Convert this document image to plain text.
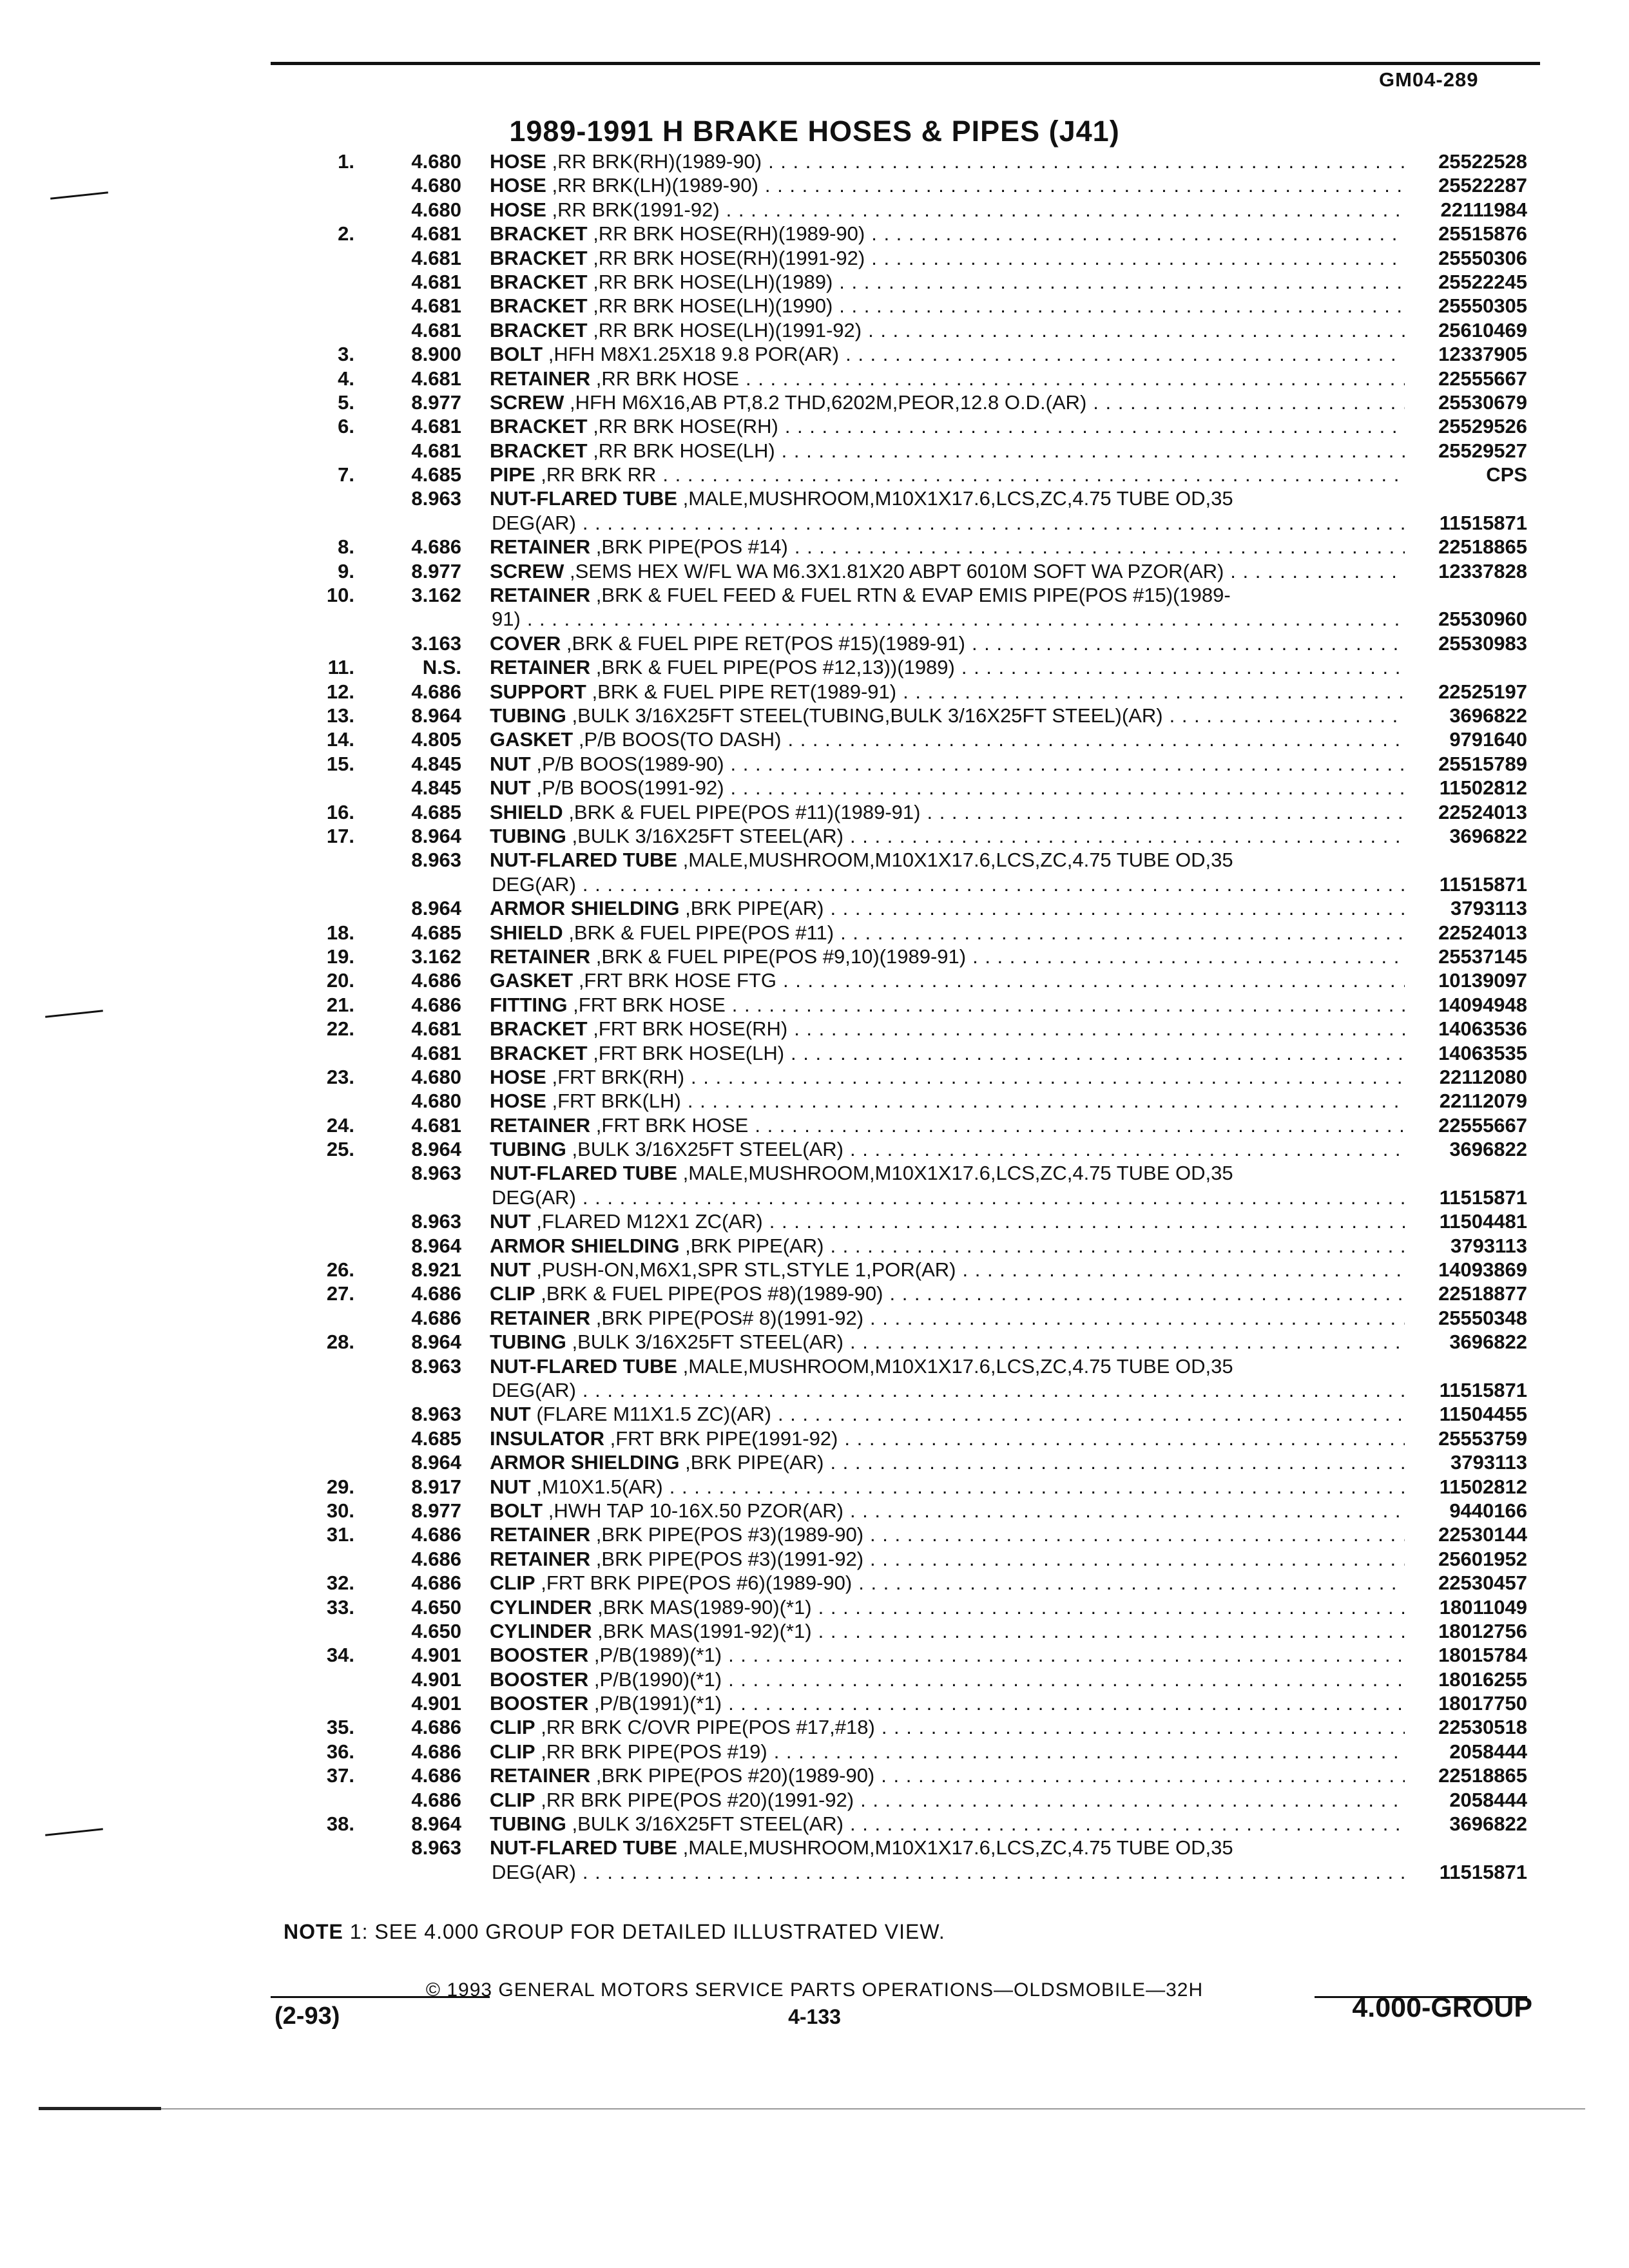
GM04-289
1989-1991 H BRAKE HOSES & PIPES (J41)
1.	4.680 HOSE ,RR BRK(RH)(1989-90) . . .	25522528
4.680 HOSE ,RR BRK(LH)(1989-90) . . .	25522287
4.680 HOSE ,RR BRK(1991-92) . . .	22111984
2.	4.681 BRACKET ,RR BRK HOSE(RH)(1989-90) . . .	25515876
4.681 BRACKET ,RR BRK HOSE(RH)(1991-92) . . .	25550306
4.681 BRACKET ,RR BRK HOSE(LH)(1989) . . .	25522245
4.681 BRACKET ,RR BRK HOSE(LH)(1990) . . .	25550305
4.681 BRACKET ,RR BRK HOSE(LH)(1991-92) . . .	25610469
3.	8.900 BOLT ,HFH M8X1.25X18 9.8 POR(AR) . . .	12337905
4.	4.681 RETAINER ,RR BRK HOSE . . .	22555667
5.	8.977 SCREW ,HFH M6X16,AB PT,8.2 THD,6202M,PEOR,12.8 O.D.(AR) . . .	25530679
6.	4.681 BRACKET ,RR BRK HOSE(RH) . . .	25529526
4.681 BRACKET ,RR BRK HOSE(LH) . . .	25529527
7.	4.685 PIPE ,RR BRK RR . . .	CPS
8.963 NUT-FLARED TUBE ,MALE,MUSHROOM,M10X1X17.6,LCS,ZC,4.75 TUBE OD,35
DEG(AR) . . .	11515871
8.	4.686 RETAINER ,BRK PIPE(POS #14) . . .	22518865
9.	8.977 SCREW ,SEMS HEX W/FL WA M6.3X1.81X20 ABPT 6010M SOFT WA PZOR(AR) . . .	12337828
10.	3.162 RETAINER ,BRK & FUEL FEED & FUEL RTN & EVAP EMIS PIPE(POS #15)(1989-
91) . . .	25530960
3.163 COVER ,BRK & FUEL PIPE RET(POS #15)(1989-91) . . .	25530983
11.	N.S. RETAINER ,BRK & FUEL PIPE(POS #12,13))(1989)
. . .
12.	4.686 SUPPORT ,BRK & FUEL PIPE RET(1989-91) . . .	22525197
13.	8.964 TUBING ,BULK 3/16X25FT STEEL(TUBING,BULK 3/16X25FT STEEL)(AR) . . .	3696822
14.	4.805 GASKET ,P/B BOOS(TO DASH) . . .	9791640
15.	4.845 NUT ,P/B BOOS(1989-90) . . .	25515789
4.845 NUT ,P/B BOOS(1991-92) . . .	11502812
16.	4.685 SHIELD ,BRK & FUEL PIPE(POS #11)(1989-91) . . .	22524013
17.	8.964 TUBING ,BULK 3/16X25FT STEEL(AR) . . .	3696822
8.963 NUT-FLARED TUBE ,MALE,MUSHROOM,M10X1X17.6,LCS,ZC,4.75 TUBE OD,35
DEG(AR) . . .	11515871
8.964 ARMOR SHIELDING ,BRK PIPE(AR) . . .	3793113
18.	4.685 SHIELD ,BRK & FUEL PIPE(POS #11) . . .	22524013
19.	3.162 RETAINER ,BRK & FUEL PIPE(POS #9,10)(1989-91) . . .	25537145
20.	4.686 GASKET ,FRT BRK HOSE FTG . . .	10139097
21.	4.686 FITTING ,FRT BRK HOSE . . .	14094948
22.	4.681 BRACKET ,FRT BRK HOSE(RH) . . .	14063536
4.681 BRACKET ,FRT BRK HOSE(LH) . . .	14063535
23.	4.680 HOSE ,FRT BRK(RH) . . .	22112080
4.680 HOSE ,FRT BRK(LH) . . .	22112079
24.	4.681 RETAINER ,FRT BRK HOSE . . .	22555667
25.	8.964 TUBING ,BULK 3/16X25FT STEEL(AR) . . .	3696822
8.963 NUT-FLARED TUBE ,MALE,MUSHROOM,M10X1X17.6,LCS,ZC,4.75 TUBE OD,35
DEG(AR) . . .	11515871
8.963 NUT ,FLARED M12X1 ZC(AR) . . .	11504481
8.964 ARMOR SHIELDING ,BRK PIPE(AR) . . .	3793113
26.	8.921 NUT ,PUSH-ON,M6X1,SPR STL,STYLE 1,POR(AR) . . .	14093869
27.	4.686 CLIP ,BRK & FUEL PIPE(POS #8)(1989-90) . . .	22518877
4.686 RETAINER ,BRK PIPE(POS# 8)(1991-92) . . .	25550348
28.	8.964 TUBING ,BULK 3/16X25FT STEEL(AR) . . .	3696822
8.963 NUT-FLARED TUBE ,MALE,MUSHROOM,M10X1X17.6,LCS,ZC,4.75 TUBE OD,35
DEG(AR) . . .	11515871
8.963 NUT (FLARE M11X1.5 ZC)(AR) . . .	11504455
4.685 INSULATOR ,FRT BRK PIPE(1991-92) . . .	25553759
8.964 ARMOR SHIELDING ,BRK PIPE(AR) . . .	3793113
29.	8.917 NUT ,M10X1.5(AR) . . .	11502812
30.	8.977 BOLT ,HWH TAP 10-16X.50 PZOR(AR) . . .	9440166
31.	4.686 RETAINER ,BRK PIPE(POS #3)(1989-90) . . .	22530144
4.686 RETAINER ,BRK PIPE(POS #3)(1991-92) . . .	25601952
32.	4.686 CLIP ,FRT BRK PIPE(POS #6)(1989-90) . . .	22530457
33.	4.650 CYLINDER ,BRK MAS(1989-90)(*1) . . .	18011049
4.650 CYLINDER ,BRK MAS(1991-92)(*1) . . .	18012756
34.	4.901 BOOSTER ,P/B(1989)(*1) . . .	18015784
4.901 BOOSTER ,P/B(1990)(*1) . . .	18016255
4.901 BOOSTER ,P/B(1991)(*1) . . .	18017750
35.	4.686 CLIP ,RR BRK C/OVR PIPE(POS #17,#18) . . .	22530518
36.	4.686 CLIP ,RR BRK PIPE(POS #19) . . .	2058444
37.	4.686 RETAINER ,BRK PIPE(POS #20)(1989-90) . . .	22518865
4.686 CLIP ,RR BRK PIPE(POS #20)(1991-92) . . .	2058444
38.	8.964 TUBING ,BULK 3/16X25FT STEEL(AR) . . .	3696822
8.963 NUT-FLARED TUBE ,MALE,MUSHROOM,M10X1X17.6,LCS,ZC,4.75 TUBE OD,35
DEG(AR) . . .	11515871
NOTE 1: SEE 4.000 GROUP FOR DETAILED ILLUSTRATED VIEW.
© 1993 GENERAL MOTORS SERVICE PARTS OPERATIONS—OLDSMOBILE—32H
(2-93)	4-133	4.000-GROUP
